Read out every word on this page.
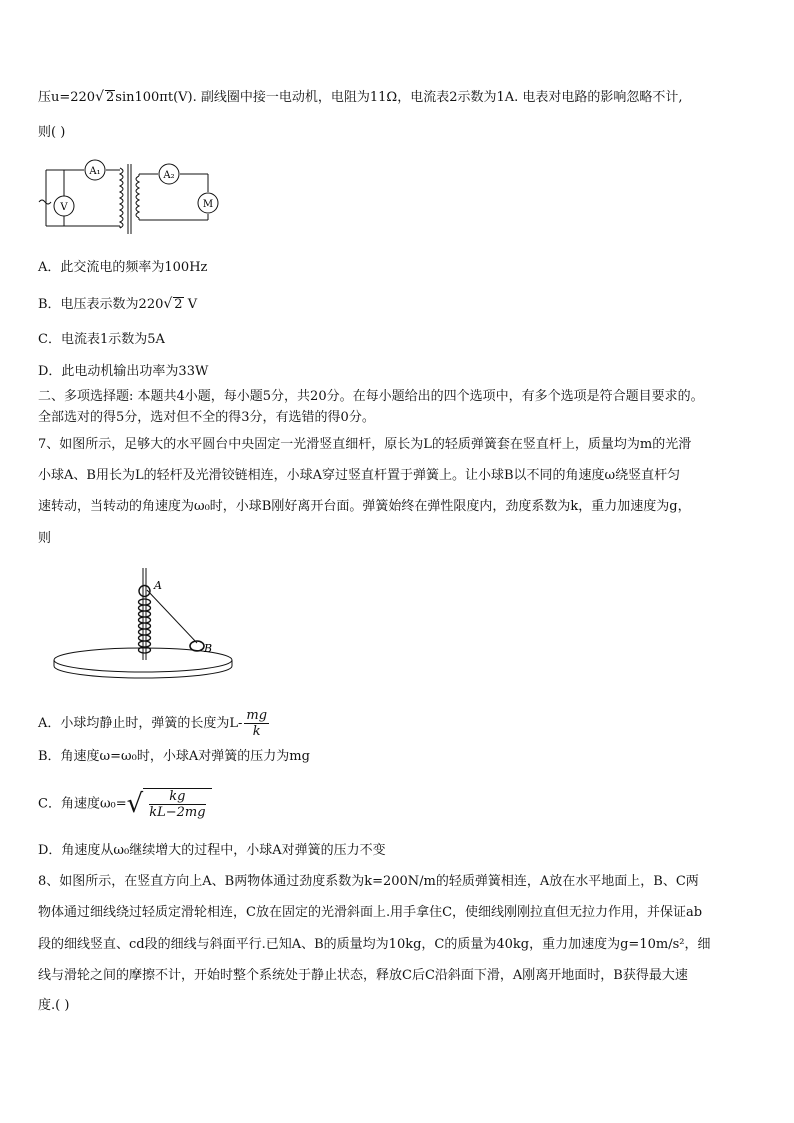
压u=220√ 2sin100πt(V). 副线圈中接一电动机，电阻为11Ω，电流表2示数为1A. 电表对电路的影响忽略不计,
则( )
A₁
V
A₂
M
A．此交流电的频率为100Hz
B．电压表示数为220√ 2 V
C．电流表1示数为5A
D．此电动机输出功率为33W
二、多项选择题: 本题共4小题，每小题5分，共20分。在每小题给出的四个选项中，有多个选项是符合题目要求的。
全部选对的得5分，选对但不全的得3分，有选错的得0分。
7、如图所示，足够大的水平圆台中央固定一光滑竖直细杆，原长为L的轻质弹簧套在竖直杆上，质量均为m的光滑
小球A、B用长为L的轻杆及光滑铰链相连，小球A穿过竖直杆置于弹簧上。让小球B以不同的角速度ω绕竖直杆匀
速转动，当转动的角速度为ω₀时，小球B刚好离开台面。弹簧始终在弹性限度内，劲度系数为k，重力加速度为g，
则
A
B
A．小球均静止时，弹簧的长度为$L- \frac{mg}{k}$
B．角速度ω=ω₀时，小球A对弹簧的压力为mg
C．角速度$\omega_0=√ \frac{kg}{kL-2mg}$
D．角速度从ω₀继续增大的过程中，小球A对弹簧的压力不变
8、如图所示，在竖直方向上A、B两物体通过劲度系数为k=200N/m的轻质弹簧相连，A放在水平地面上，B、C两
物体通过细线绕过轻质定滑轮相连，C放在固定的光滑斜面上.用手拿住C，使细线刚刚拉直但无拉力作用，并保证ab
段的细线竖直、cd段的细线与斜面平行.已知A、B的质量均为10kg，C的质量为40kg，重力加速度为g=10m/s²，细
线与滑轮之间的摩擦不计，开始时整个系统处于静止状态，释放C后C沿斜面下滑，A刚离开地面时，B获得最大速
度.( )
